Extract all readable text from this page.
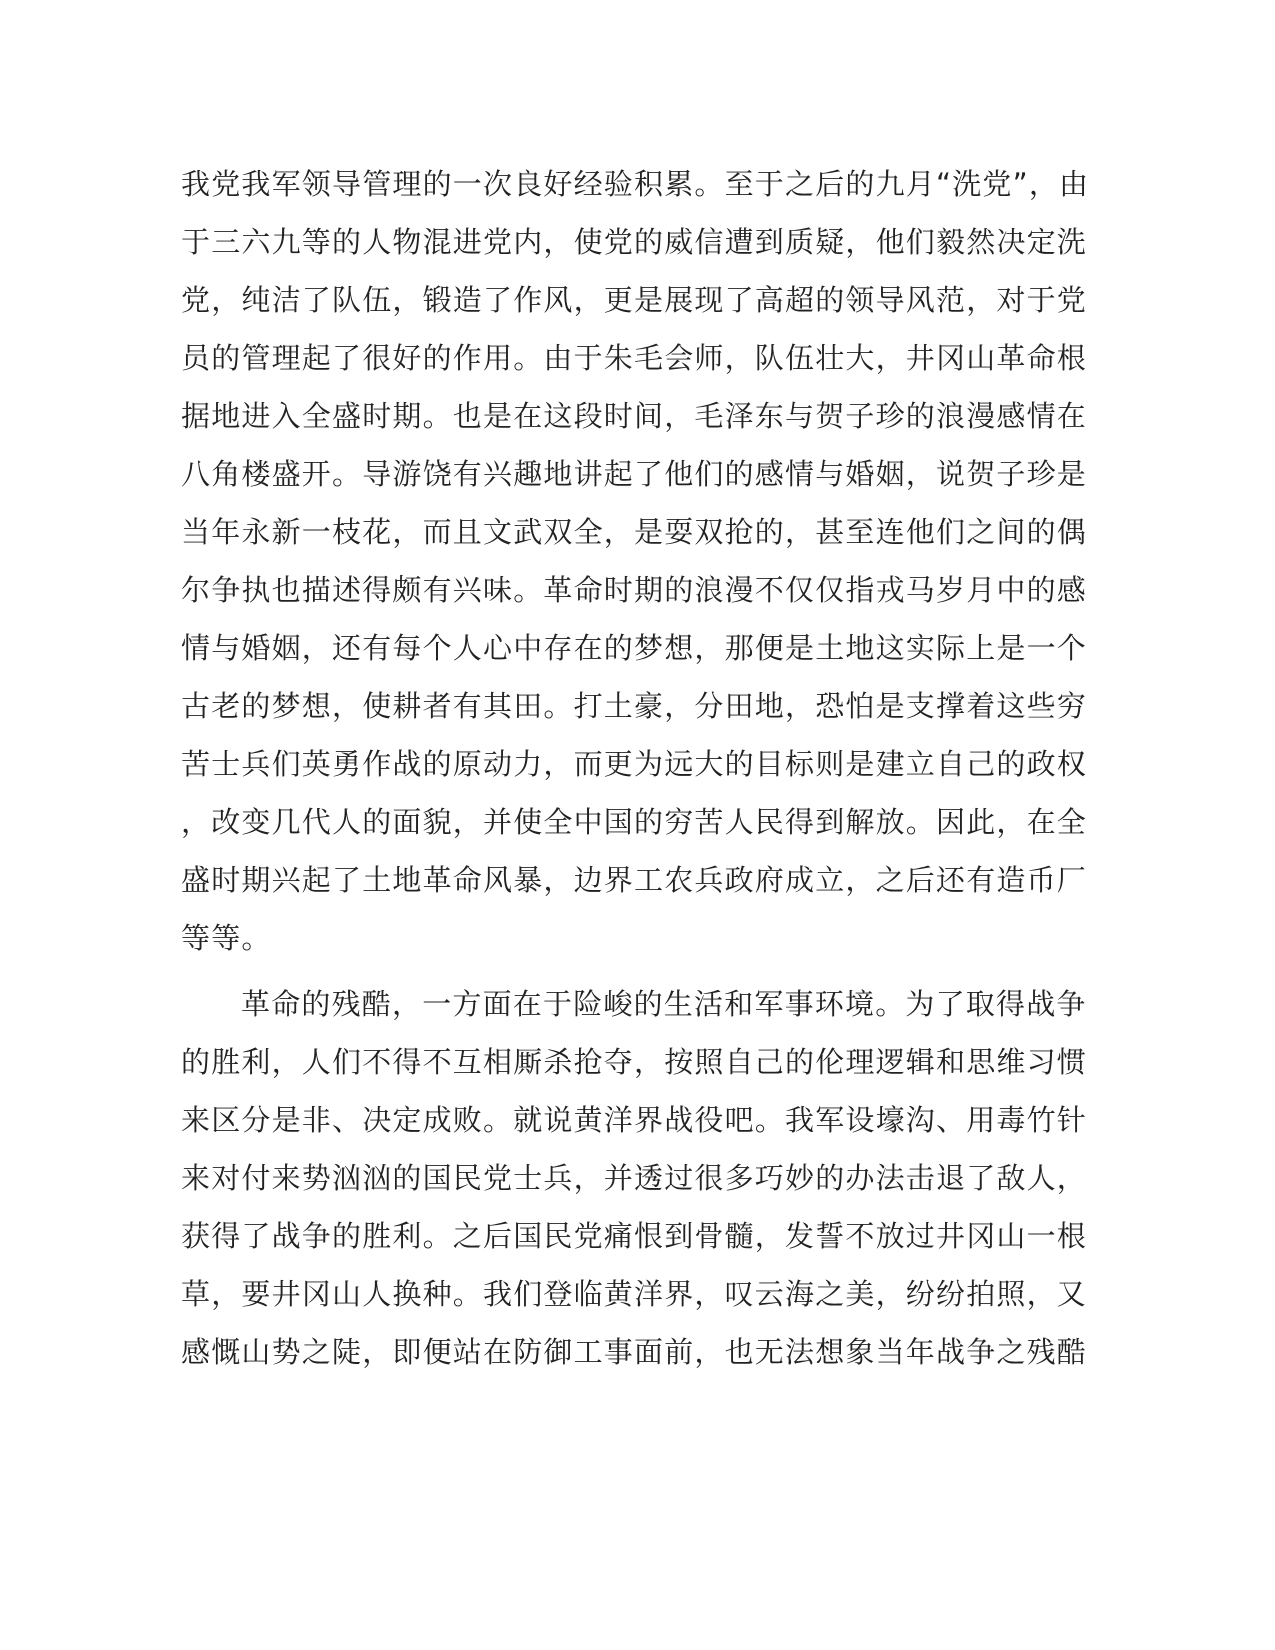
我党我军领导管理的一次良好经验积累。至于之后的九月“洗党”，由
于三六九等的人物混进党内，使党的威信遭到质疑，他们毅然决定洗
党，纯洁了队伍，锻造了作风，更是展现了高超的领导风范，对于党
员的管理起了很好的作用。由于朱毛会师，队伍壮大，井冈山革命根
据地进入全盛时期。也是在这段时间，毛泽东与贺子珍的浪漫感情在
八角楼盛开。导游饶有兴趣地讲起了他们的感情与婚姻，说贺子珍是
当年永新一枝花，而且文武双全，是耍双抢的，甚至连他们之间的偶
尔争执也描述得颇有兴味。革命时期的浪漫不仅仅指戎马岁月中的感
情与婚姻，还有每个人心中存在的梦想，那便是土地这实际上是一个
古老的梦想，使耕者有其田。打土豪，分田地，恐怕是支撑着这些穷
苦士兵们英勇作战的原动力，而更为远大的目标则是建立自己的政权
，改变几代人的面貌，并使全中国的穷苦人民得到解放。因此，在全
盛时期兴起了土地革命风暴，边界工农兵政府成立，之后还有造币厂
等等。
革命的残酷，一方面在于险峻的生活和军事环境。为了取得战争
的胜利，人们不得不互相厮杀抢夺，按照自己的伦理逻辑和思维习惯
来区分是非、决定成败。就说黄洋界战役吧。我军设壕沟、用毒竹针
来对付来势汹汹的国民党士兵，并透过很多巧妙的办法击退了敌人，
获得了战争的胜利。之后国民党痛恨到骨髓，发誓不放过井冈山一根
草，要井冈山人换种。我们登临黄洋界，叹云海之美，纷纷拍照，又
感慨山势之陡，即便站在防御工事面前，也无法想象当年战争之残酷
